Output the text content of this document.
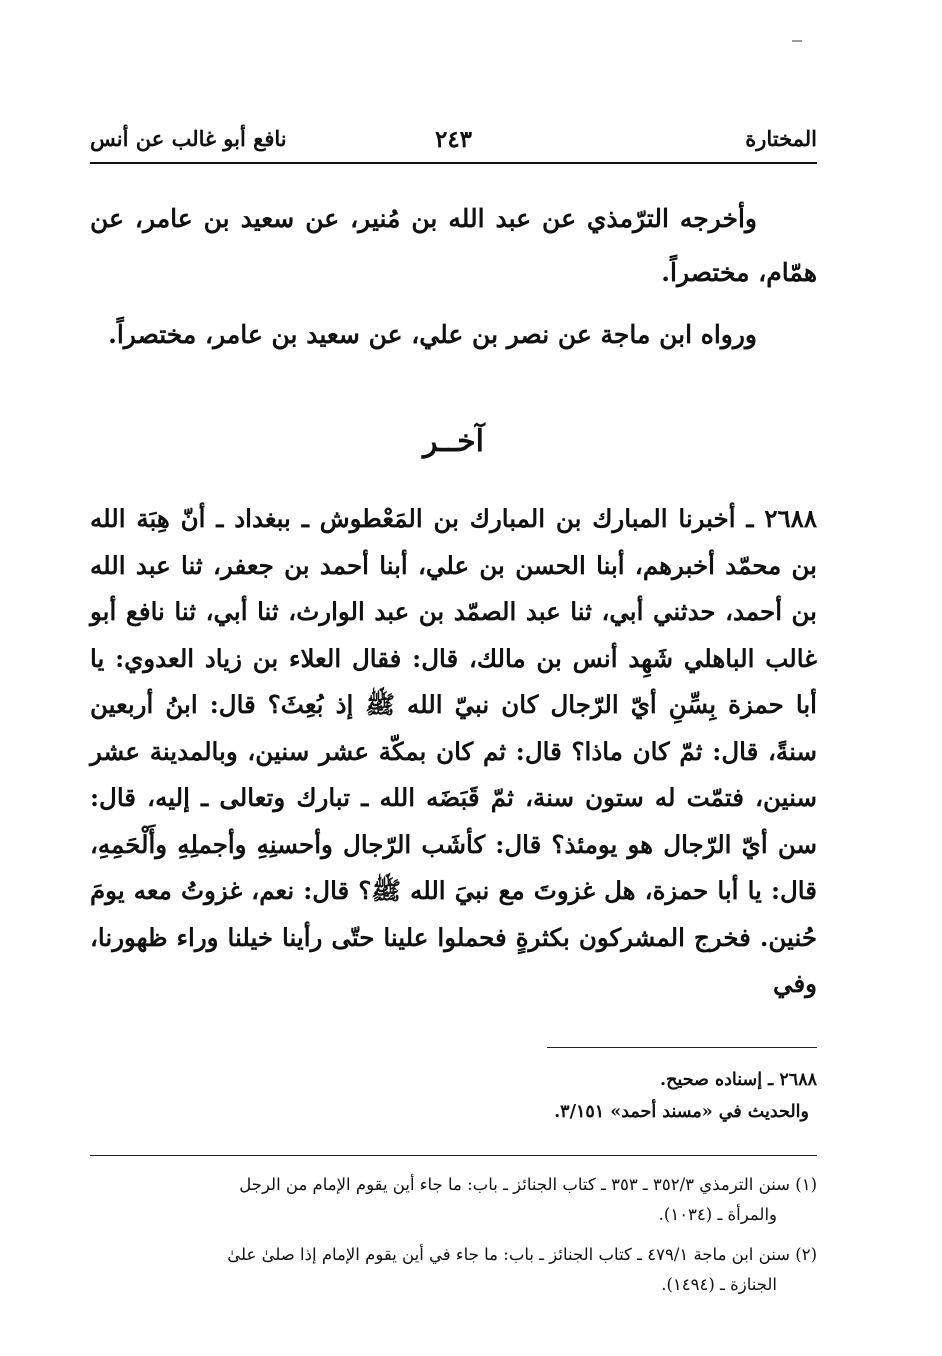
المختارة
٢٤٣
نافع أبو غالب عن أنس
وأخرجه الترّمذي عن عبد الله بن مُنير، عن سعيد بن عامر، عن همّام، مختصراً.
ورواه ابن ماجة عن نصر بن علي، عن سعيد بن عامر، مختصراً.
آخــر
٢٦٨٨ ـ أخبرنا المبارك بن المبارك بن المَعْطوش ـ ببغداد ـ أنّ هِبَة الله بن محمّد أخبرهم، أبنا الحسن بن علي، أبنا أحمد بن جعفر، ثنا عبد الله بن أحمد، حدثني أبي، ثنا عبد الصمّد بن عبد الوارث، ثنا أبي، ثنا نافع أبو غالب الباهلي شَهِد أنس بن مالك، قال: فقال العلاء بن زياد العدوي: يا أبا حمزة بِسِّنِ أيّ الرّجال كان نبيّ الله ﷺ إذ بُعِثَ؟ قال: ابنُ أربعين سنةً، قال: ثمّ كان ماذا؟ قال: ثم كان بمكّة عشر سنين، وبالمدينة عشر سنين، فتمّت له ستون سنة، ثمّ قَبَضَه الله ـ تبارك وتعالى ـ إليه، قال: سن أيّ الرّجال هو يومئذ؟ قال: كأشَب الرّجال وأحسنِهِ وأجملِهِ وأَلْحَمِهِ، قال: يا أبا حمزة، هل غزوتَ مع نبيَ الله ﷺ؟ قال: نعم، غزوتُ معه يومَ حُنين. فخرج المشركون بكثرةٍ فحملوا علينا حتّى رأينا خيلنا وراء ظهورنا، وفي
٢٦٨٨ ـ إسناده صحيح.
والحديث في «مسند أحمد» ٣/١٥١.
(١) سنن الترمذي ٣٥٢/٣ ـ ٣٥٣ ـ كتاب الجنائز ـ باب: ما جاء أين يقوم الإمام من الرجل
والمرأة ـ (١٠٣٤).
(٢) سنن ابن ماجة ٤٧٩/١ ـ كتاب الجنائز ـ باب: ما جاء في أين يقوم الإمام إذا صلىٰ علىٰ
الجنازة ـ (١٤٩٤).
